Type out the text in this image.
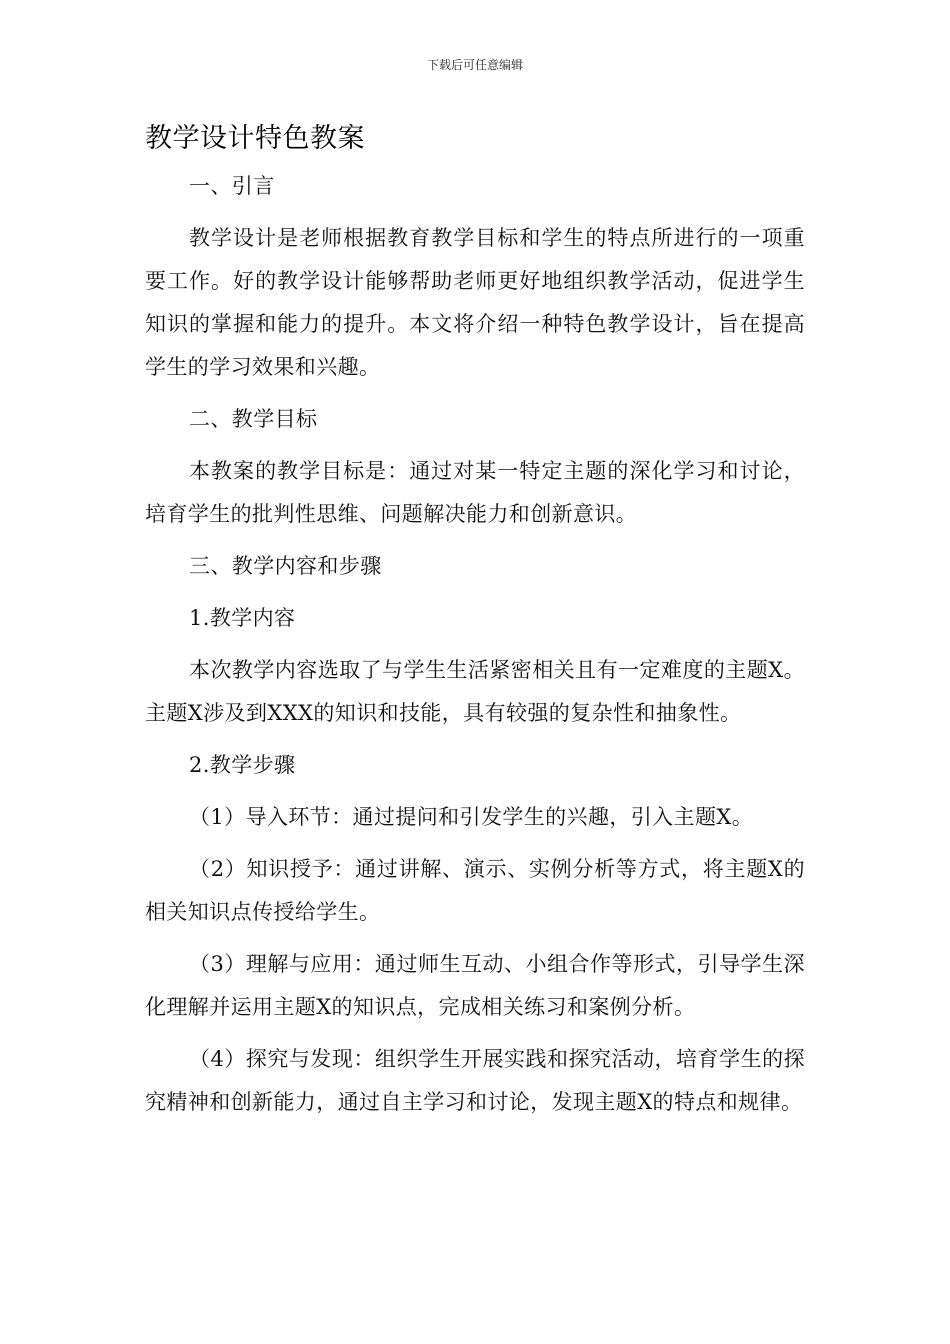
下载后可任意编辑
教学设计特色教案

一、引言

教学设计是老师根据教育教学目标和学生的特点所进行的一项重要工作。好的教学设计能够帮助老师更好地组织教学活动，促进学生知识的掌握和能力的提升。本文将介绍一种特色教学设计，旨在提高学生的学习效果和兴趣。

二、教学目标

本教案的教学目标是：通过对某一特定主题的深化学习和讨论，培育学生的批判性思维、问题解决能力和创新意识。

三、教学内容和步骤

1.教学内容

本次教学内容选取了与学生生活紧密相关且有一定难度的主题X。主题X涉及到XXX的知识和技能，具有较强的复杂性和抽象性。

2.教学步骤

（1）导入环节：通过提问和引发学生的兴趣，引入主题X。

（2）知识授予：通过讲解、演示、实例分析等方式，将主题X的相关知识点传授给学生。

（3）理解与应用：通过师生互动、小组合作等形式，引导学生深化理解并运用主题X的知识点，完成相关练习和案例分析。

（4）探究与发现：组织学生开展实践和探究活动，培育学生的探究精神和创新能力，通过自主学习和讨论，发现主题X的特点和规律。
